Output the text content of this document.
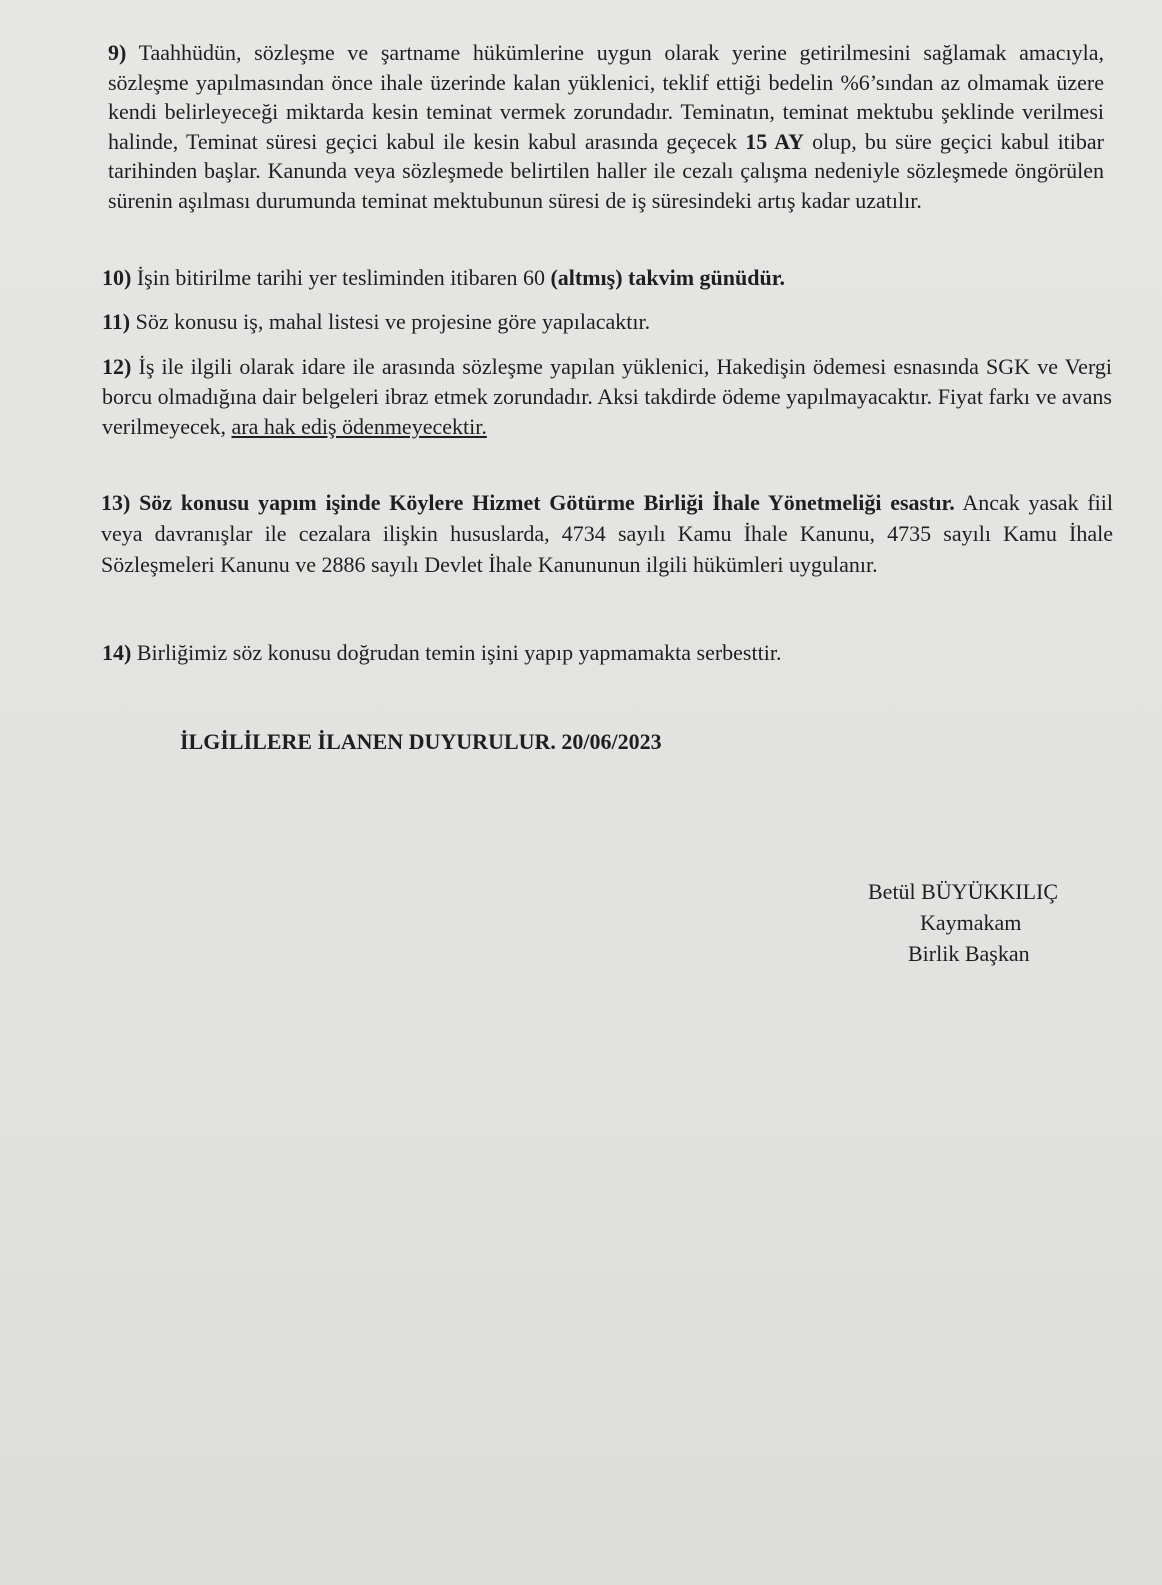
9) Taahhüdün, sözleşme ve şartname hükümlerine uygun olarak yerine getirilmesini sağlamak amacıyla, sözleşme yapılmasından önce ihale üzerinde kalan yüklenici, teklif ettiği bedelin %6’sından az olmamak üzere kendi belirleyeceği miktarda kesin teminat vermek zorundadır. Teminatın, teminat mektubu şeklinde verilmesi halinde, Teminat süresi geçici kabul ile kesin kabul arasında geçecek 15 AY olup, bu süre geçici kabul itibar tarihinden başlar. Kanunda veya sözleşmede belirtilen haller ile cezalı çalışma nedeniyle sözleşmede öngörülen sürenin aşılması durumunda teminat mektubunun süresi de iş süresindeki artış kadar uzatılır.
10) İşin bitirilme tarihi yer tesliminden itibaren 60 (altmış) takvim günüdür.
11) Söz konusu iş, mahal listesi ve projesine göre yapılacaktır.
12) İş ile ilgili olarak idare ile arasında sözleşme yapılan yüklenici, Hakedişin ödemesi esnasında SGK ve Vergi borcu olmadığına dair belgeleri ibraz etmek zorundadır. Aksi takdirde ödeme yapılmayacaktır. Fiyat farkı ve avans verilmeyecek, ara hak ediş ödenmeyecektir.
13) Söz konusu yapım işinde Köylere Hizmet Götürme Birliği İhale Yönetmeliği esastır. Ancak yasak fiil veya davranışlar ile cezalara ilişkin hususlarda, 4734 sayılı Kamu İhale Kanunu, 4735 sayılı Kamu İhale Sözleşmeleri Kanunu ve 2886 sayılı Devlet İhale Kanununun ilgili hükümleri uygulanır.
14) Birliğimiz söz konusu doğrudan temin işini yapıp yapmamakta serbesttir.
İLGİLİLERE İLANEN DUYURULUR. 20/06/2023
Betül BÜYÜKKILIÇ
Kaymakam
Birlik Başkan
